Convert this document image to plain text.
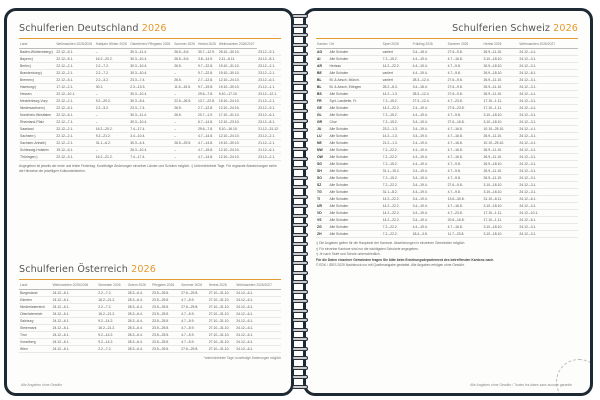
Schulferien Deutschland 2026
Land	Weihnachten 2025/2026	Halbjahr Winter 2026	Osterferien/ Pfingsten 2026	Sommer 2026	Herbst 2026	Weihnachten 2026/2027	
Baden-Württemberg¹)	22.12.–5.1.	–	30.3.–11.4.	26.5.–5.6.	30.7.–12.9.	26.10.–30.10.	23.12.–9.1.
Bayern¹)	22.12.–5.1.	16.2.–20.2.	30.3.–10.4.	26.5.–5.6.	3.8.–14.9.	2.11.–6.11.	24.12.–8.1.
Berlin¹)	22.12.–2.1.	2.2.–7.2.	30.3.–10.4.	26.5.	9.7.–22.8.	19.10.–31.10.	23.12.–2.1.
Brandenburg¹)	22.12.–2.1.	2.2.–7.2.	30.3.–10.4.	–	9.7.–22.8.	19.10.–30.10.	23.12.–2.1.
Bremen¹)	22.12.–5.1.	2.2.–3.2.	23.3.–7.4.	26.5.	2.7.–12.8.	12.10.–24.10.	23.12.–6.1.
Hamburg¹)	17.12.–2.1.	30.1.	2.3.–13.3.	11.5.–15.5.	9.7.–19.8.	19.10.–30.10.	21.12.–1.1.
Hessen	22.12.–10.1.	–	30.3.–10.4.	–	29.6.–7.8.	5.10.–17.10.	23.12.–12.1.
Mecklenburg-Vorp.	22.12.–2.1.	9.2.–20.2.	30.3.–8.4.	22.5.–26.5.	13.7.–22.8.	15.10.–24.10.	21.12.–2.1.
Niedersachsen¹)	22.12.–5.1.	2.2.–3.2.	23.3.–7.4.	26.5.	2.7.–12.8.	12.10.–24.10.	23.12.–9.1.
Nordrhein-Westfalen	22.12.–6.1.	–	30.3.–11.4.	26.5.	20.7.–1.9.	17.10.–31.10.	23.12.–6.1.
Rheinland-Pfalz	22.12.–7.1.	–	30.3.–10.4.	–	6.7.–14.8.	12.10.–23.10.	23.12.–8.1.
Saarland	22.12.–2.1.	16.2.–20.2.	7.4.–17.4.	–	29.6.–7.8.	5.10.–16.10.	21.12.–31.12.
Sachsen¹)	22.12.–2.1.	9.2.–21.2.	3.4.–10.4.	–	4.7.–14.8.	12.10.–24.10.	23.12.–2.1.
Sachsen-Anhalt¹)	22.12.–2.1.	31.1.–6.2.	30.3.–4.4.	26.5.–29.5.	4.7.–14.8.	19.10.–30.10.	21.12.–2.1.
Schleswig-Holstein	19.12.–6.1.	–	26.3.–10.4.	–	4.7.–15.8.	12.10.–24.10.	21.12.–6.1.
Thüringen¹)	22.12.–3.1.	16.2.–21.2.	7.4.–17.4.	–	4.7.–14.8.	12.10.–24.10.	23.12.–2.1.

Angegeben ist jeweils der erste und letzte Ferientag. Kurzfristige Änderungen einzelner Länder und Schulen möglich. ¹) Unterrichtsfreie Tage. Für regionale Abweichungen siehe die Hinweise der jeweiligen Kultusministerien.

Schulferien Österreich 2026
Land	Weihnachten 2025/2026	Semester 2026	Ostern 2026	Pfingsten 2026	Sommer 2026	Herbst 2026	Weihnachten 2026/2027
Burgenland	24.12.–6.1.	2.2.–7.2.	28.3.–6.4.	23.5.–25.5.	27.6.–29.8.	27.10.–31.10.	24.12.–6.1.
Kärnten	24.12.–6.1.	16.2.–21.2.	28.3.–6.4.	23.5.–25.5.	4.7.–5.9.	27.10.–31.10.	24.12.–6.1.
Niederösterreich	24.12.–6.1.	2.2.–7.2.	28.3.–6.4.	23.5.–25.5.	27.6.–29.8.	27.10.–31.10.	24.12.–6.1.
Oberösterreich	24.12.–6.1.	16.2.–21.2.	28.3.–6.4.	23.5.–25.5.	4.7.–5.9.	27.10.–31.10.	24.12.–6.1.
Salzburg	24.12.–6.1.	9.2.–14.2.	28.3.–6.4.	23.5.–25.5.	4.7.–5.9.	27.10.–31.10.	24.12.–6.1.
Steiermark	24.12.–6.1.	16.2.–21.2.	28.3.–6.4.	23.5.–25.5.	4.7.–5.9.	27.10.–31.10.	24.12.–6.1.
Tirol	24.12.–6.1.	9.2.–14.2.	28.3.–6.4.	23.5.–25.5.	4.7.–5.9.	27.10.–31.10.	24.12.–6.1.
Vorarlberg	24.12.–6.1.	9.2.–14.2.	28.3.–6.4.	23.5.–25.5.	4.7.–5.9.	27.10.–31.10.	24.12.–6.1.
Wien	24.12.–6.1.	2.2.–7.2.	28.3.–6.4.	23.5.–25.5.	27.6.–29.8.	27.10.–31.10.	24.12.–6.1.
*unterrichtsfreie Tage; kurzfristige Änderungen möglich
Alle Angaben ohne Gewähr
Schulferien Schweiz 2026
Kanton	Ort	Sport 2026	Frühling 2026	Sommer 2026	Herbst 2026	Weihnachten 2026/2027
AG	Alle Schulen	variiert	3.4.–18.4.	27.6.–9.8.	26.9.–11.10.	24.12.–4.1.
AI	Alle Schulen	7.2.–15.2.	4.4.–19.4.	4.7.–16.8.	3.10.–18.10.	24.12.–3.1.
AR	Herisau	14.2.–22.2.	4.4.–19.4.	4.7.–9.8.	26.9.–18.10.	24.12.–3.1.
BE	Alle Schulen	variiert	4.4.–19.4.	4.7.–9.8.	26.9.–18.10.	24.12.–6.1.
BL	Bl. & Aesch, Münch.	variiert	28.3.–12.4.	27.6.–9.8.	26.9.–11.10.	24.12.–3.1.
BL	Bl. & Aesch, Ettingen	28.2.–8.3.	3.4.–18.4.	27.6.–9.8.	26.9.–11.10.	24.12.–3.1.
BS	Alle Schulen	14.2.–1.3.	28.3.–12.4.	27.6.–9.8.	26.9.–11.10.	24.12.–4.1.
FR	Sprt. Landteile, Fr.	7.2.–15.2.	27.3.–12.4.	4.7.–23.8.	17.10.–1.11.	24.12.–3.1.
GE	Alle Schulen	14.2.–22.2.	2.4.–19.4.	27.6.–23.8.	17.10.–1.11.	24.12.–4.1.
GL	Alle Schulen	7.2.–15.2.	4.4.–19.4.	4.7.–9.8.	3.10.–18.10.	24.12.–3.1.
GR	Chur	7.2.–15.2.	3.4.–19.4.	27.6.–16.8.	3.10.–18.10.	24.12.–3.1.
JU	Alle Schulen	23.2.–1.3.	3.4.–19.4.	4.7.–16.8.	10.10.–25.10.	24.12.–4.1.
LU	Alle Schulen	14.2.–1.3.	3.4.–19.4.	4.7.–16.8.	26.9.–11.10.	24.12.–3.1.
NE	Alle Schulen	21.2.–1.3.	2.4.–19.4.	4.7.–16.8.	10.10.–25.10.	24.12.–4.1.
NW	Alle Schulen	7.2.–22.2.	4.4.–19.4.	4.7.–16.8.	26.9.–11.10.	24.12.–3.1.
OW	Alle Schulen	7.2.–22.2.	4.4.–19.4.	4.7.–16.8.	26.9.–11.10.	24.12.–3.1.
SG	Alle Schulen	7.2.–15.2.	4.4.–19.4.	4.7.–9.8.	26.9.–18.10.	24.12.–3.1.
SH	Alle Schulen	31.1.–15.2.	3.4.–19.4.	4.7.–9.8.	26.9.–11.10.	24.12.–3.1.
SO	Alle Schulen	7.2.–15.2.	3.4.–19.4.	4.7.–9.8.	26.9.–11.10.	24.12.–3.1.
SZ	Alle Schulen	7.2.–22.2.	3.4.–19.4.	27.6.–9.8.	3.10.–18.10.	24.12.–3.1.
TG	Alle Schulen	31.1.–8.2.	4.4.–19.4.	4.7.–9.8.	3.10.–18.10.	24.12.–3.1.
TI	Alle Schulen	14.2.–22.2.	3.4.–19.4.	13.6.–30.8.	31.10.–8.11.	24.12.–6.1.
UR	Alle Schulen	14.2.–22.2.	3.4.–19.4.	4.7.–16.8.	3.10.–18.10.	24.12.–3.1.
VD	Alle Schulen	14.2.–22.2.	3.4.–19.4.	4.7.–23.8.	17.10.–1.11.	24.12.–10.1.
VS	Alle Schulen	14.2.–22.2.	3.4.–19.4.	20.6.–16.8.	17.10.–1.11.	24.12.–6.1.
ZG	Alle Schulen	7.2.–22.2.	4.4.–19.4.	4.7.–16.8.	3.10.–18.10.	24.12.–3.1.
ZH	Alle Schulen	7.2.–22.2.	18.4.–3.5.	11.7.–23.8.	3.10.–18.10.	24.12.–3.1.

¹) Die Angaben gelten für die Hauptorte der Kantone. Abweichungen in einzelnen Gemeinden möglich.

²) Für einzelne Kantone sind nur die wichtigsten Schulorte angegeben.

³) Je nach Stufe und Schule unterschiedlich.

Für die Daten einzelner Gemeinden fragen Sie bitte beim Erziehungsdepartement des betreffenden Kantons nach.

© EDK / IDES 2025 Nachdruck nur mit Quellenangabe gestattet. Alle Angaben erfolgen ohne Gewähr.

Alle Angaben ohne Gewähr / Toutes les dates sans aucune garantie
